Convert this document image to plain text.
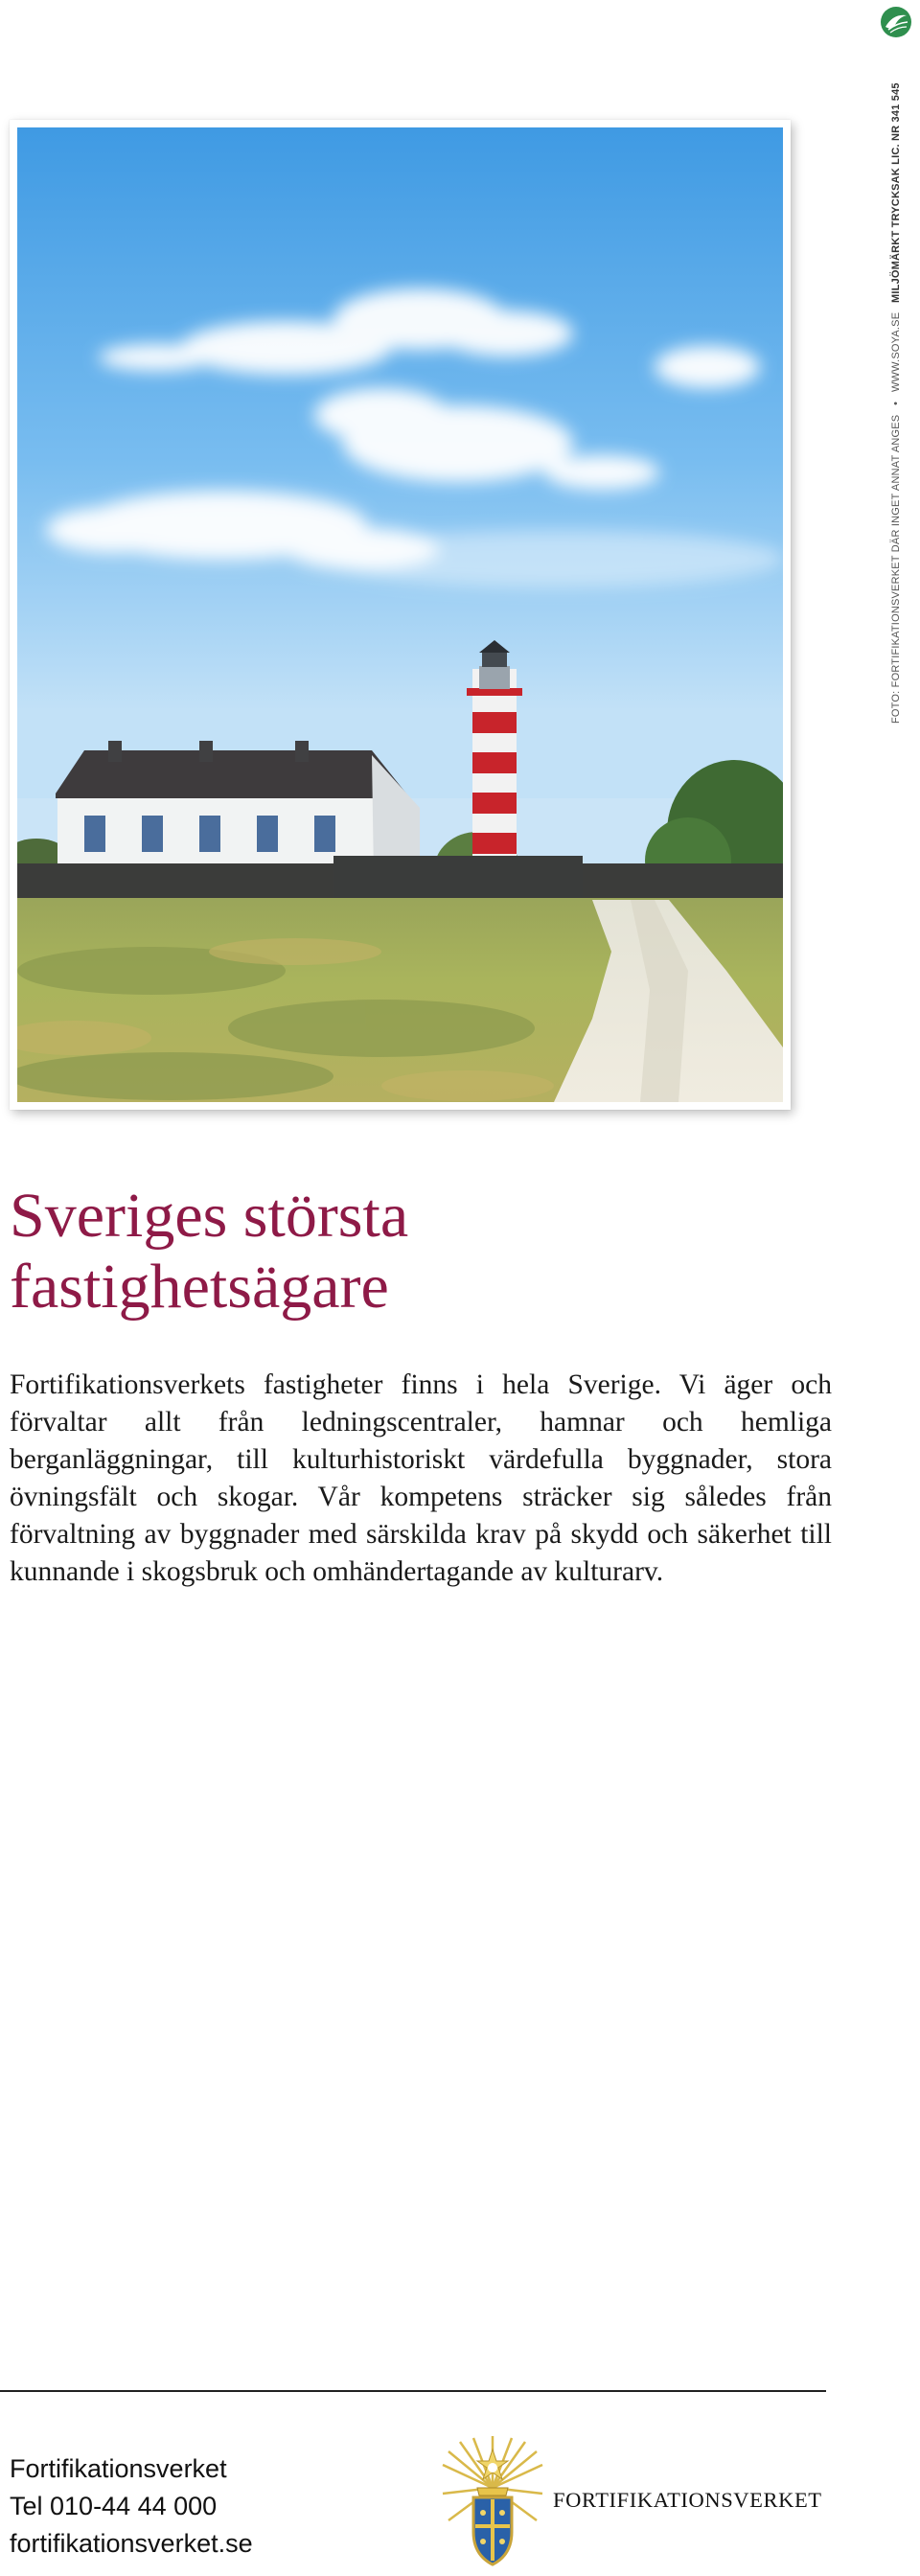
FOTO: FORTIFIKATIONSVERKET DÄR INGET ANNAT ANGES   •   WWW.SOYA.SE   MILJÖMÄRKT TRYCKSAK LIC. NR 341 545
Sveriges största
fastighetsägare

Fortifikationsverkets fastigheter finns i hela Sverige. Vi äger och förvaltar allt från ledningscentraler, hamnar och hemliga berganläggningar, till kulturhistoriskt värdefulla byggnader, stora övningsfält och skogar. Vår kompetens sträcker sig således från förvaltning av byggnader med särskilda krav på skydd och säkerhet till kunnande i skogsbruk och omhändertagande av kulturarv.

Fortifikationsverket
Tel 010-44 44 000
fortifikationsverket.se
FORTIFIKATIONSVERKET
